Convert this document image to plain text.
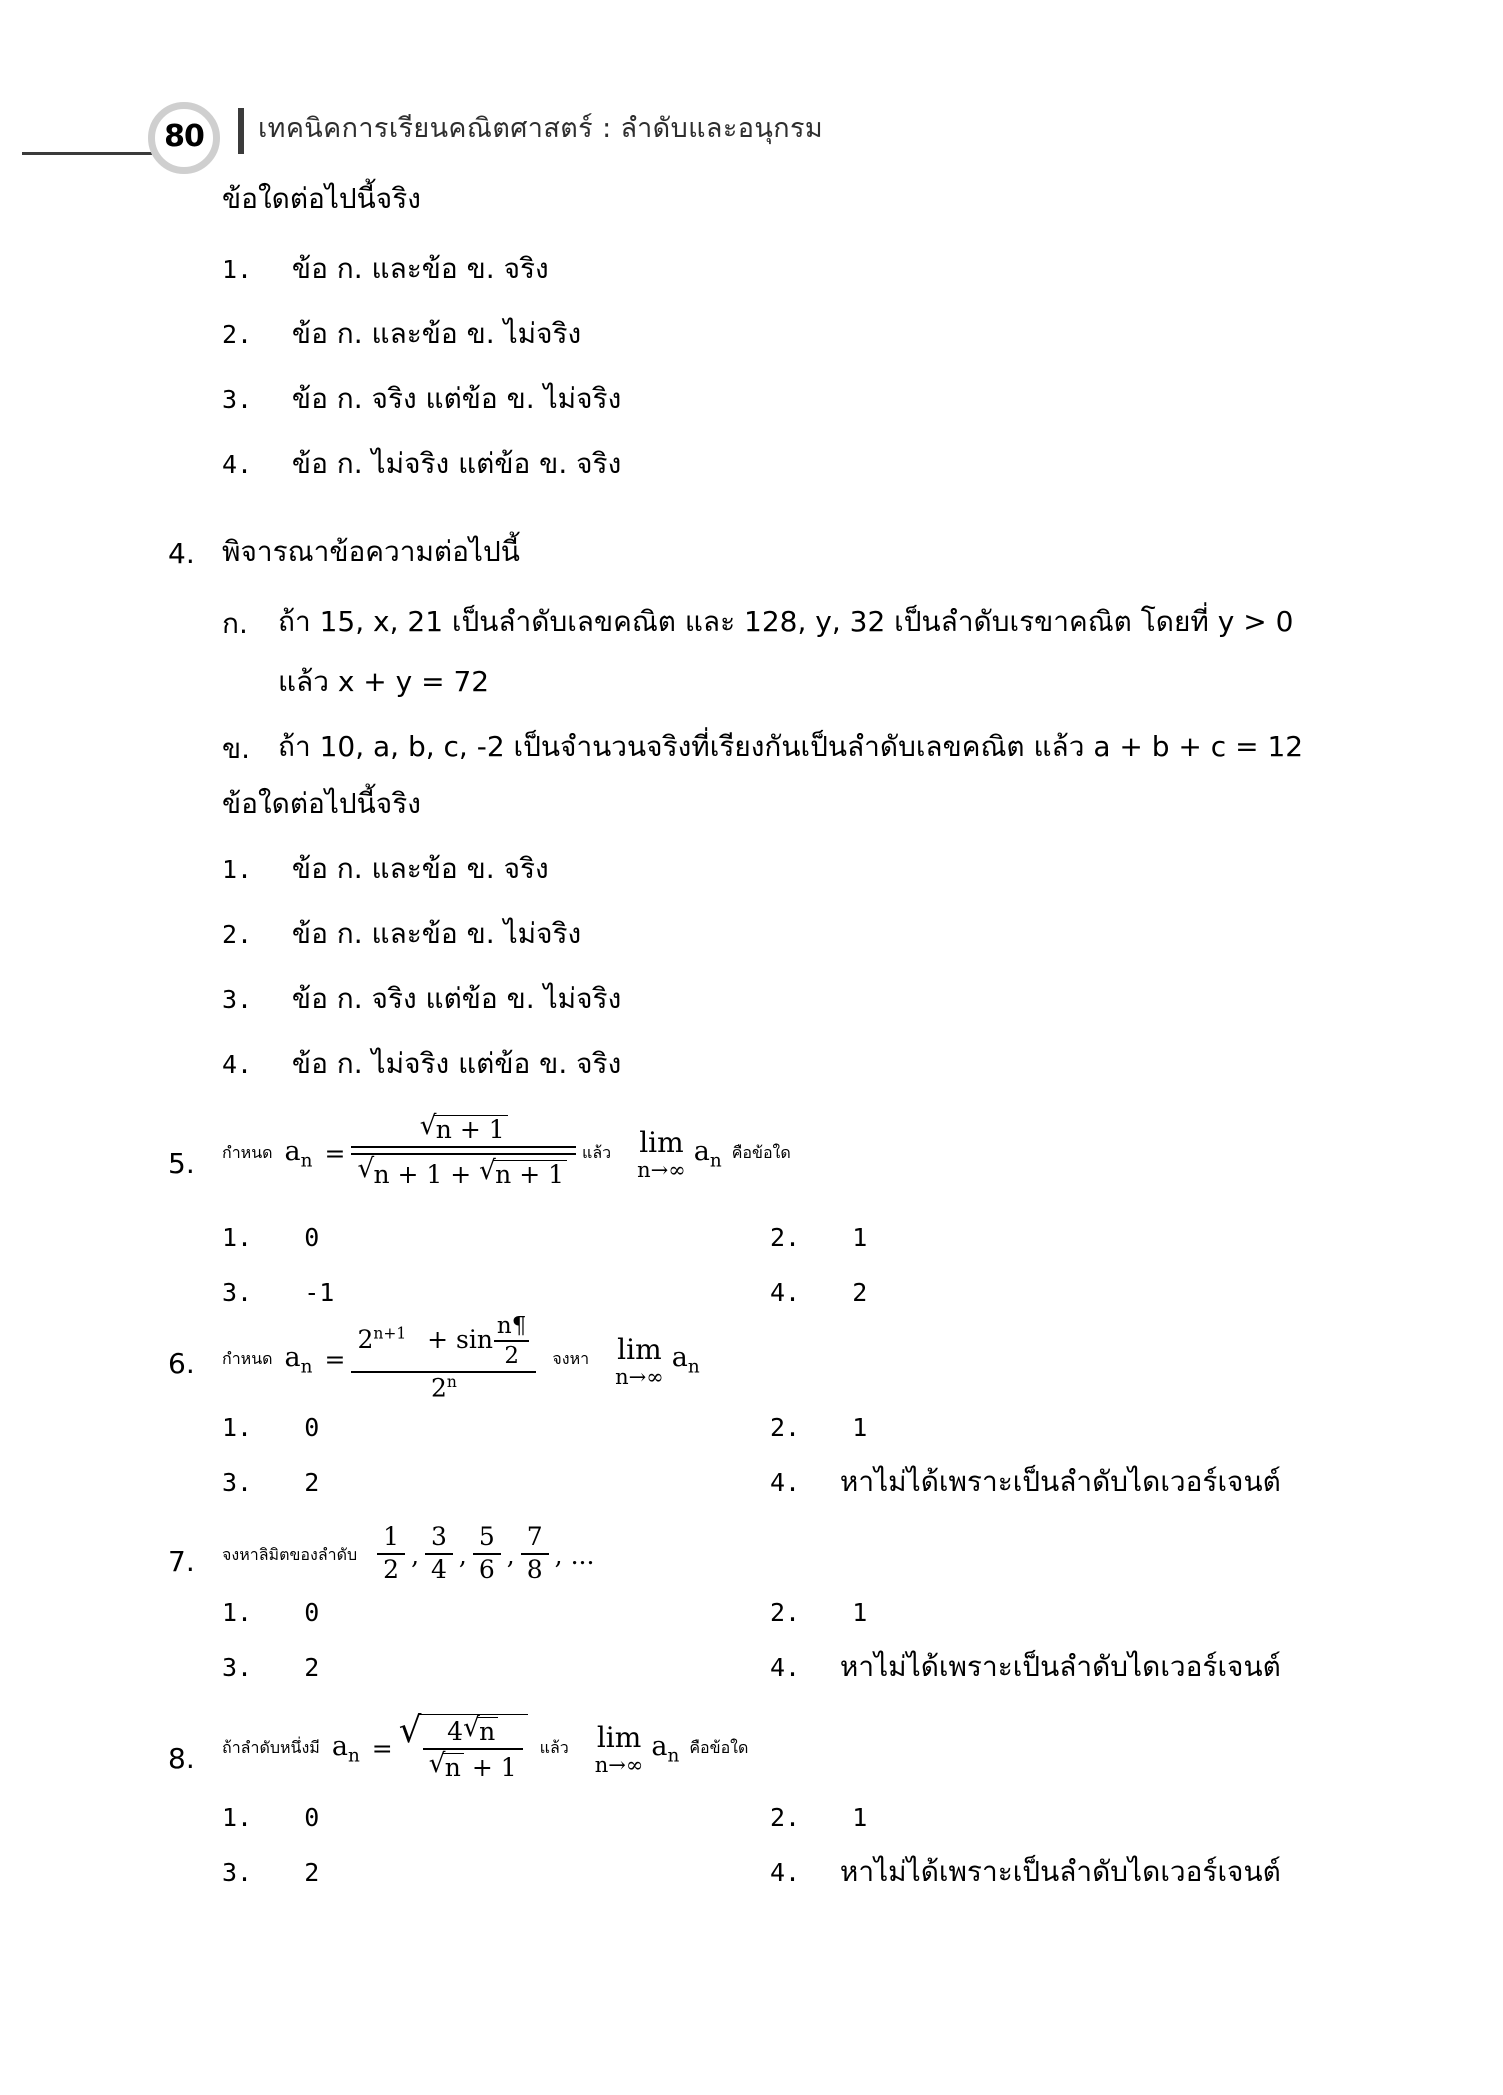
80 เทคนิคการเรียนคณิตศาสตร์ : ลำดับและอนุกรม
ข้อใดต่อไปนี้จริง
1. ข้อ ก. และข้อ ข. จริง
2. ข้อ ก. และข้อ ข. ไม่จริง
3. ข้อ ก. จริง แต่ข้อ ข. ไม่จริง
4. ข้อ ก. ไม่จริง แต่ข้อ ข. จริง
4. พิจารณาข้อความต่อไปนี้
ก. ถ้า 15, x, 21 เป็นลำดับเลขคณิต และ 128, y, 32 เป็นลำดับเรขาคณิต โดยที่ y > 0
แล้ว x + y = 72
ข. ถ้า 10, a, b, c, -2 เป็นจำนวนจริงที่เรียงกันเป็นลำดับเลขคณิต แล้ว a + b + c = 12
ข้อใดต่อไปนี้จริง
1. ข้อ ก. และข้อ ข. จริง
2. ข้อ ก. และข้อ ข. ไม่จริง
3. ข้อ ก. จริง แต่ข้อ ข. ไม่จริง
4. ข้อ ก. ไม่จริง แต่ข้อ ข. จริง
5. กำหนด $a_n$ =
√ n + 1
√ n + 1 + √ n + 1
แล้ว lim
n→∞
$a_n$ คือข้อใด
1. 0	2. 1
3. -1	4. 2
6. กำหนด $a_n$ =
$2^{n+1} + \sin \frac{n\P}{2}$
2$^n$
จงหา lim
n→∞
$a_n$
1. 0	2. 1
3. 2	4. หาไม่ได้เพราะเป็นลำดับไดเวอร์เจนต์
7. จงหาลิมิตของลำดับ $\frac{1}{2}$ , $\frac{3}{4}$ , $\frac{5}{6}$ , $\frac{7}{8}$ , ...
1. 0	2. 1
3. 2	4. หาไม่ได้เพราะเป็นลำดับไดเวอร์เจนต์
8. ถ้าลำดับหนึ่งมี $a_n$ = √ 4 √ n
√ n + 1 แล้ว lim
n→∞
$a_n$ คือข้อใด
1. 0	2. 1
3. 2	4. หาไม่ได้เพราะเป็นลำดับไดเวอร์เจนต์
